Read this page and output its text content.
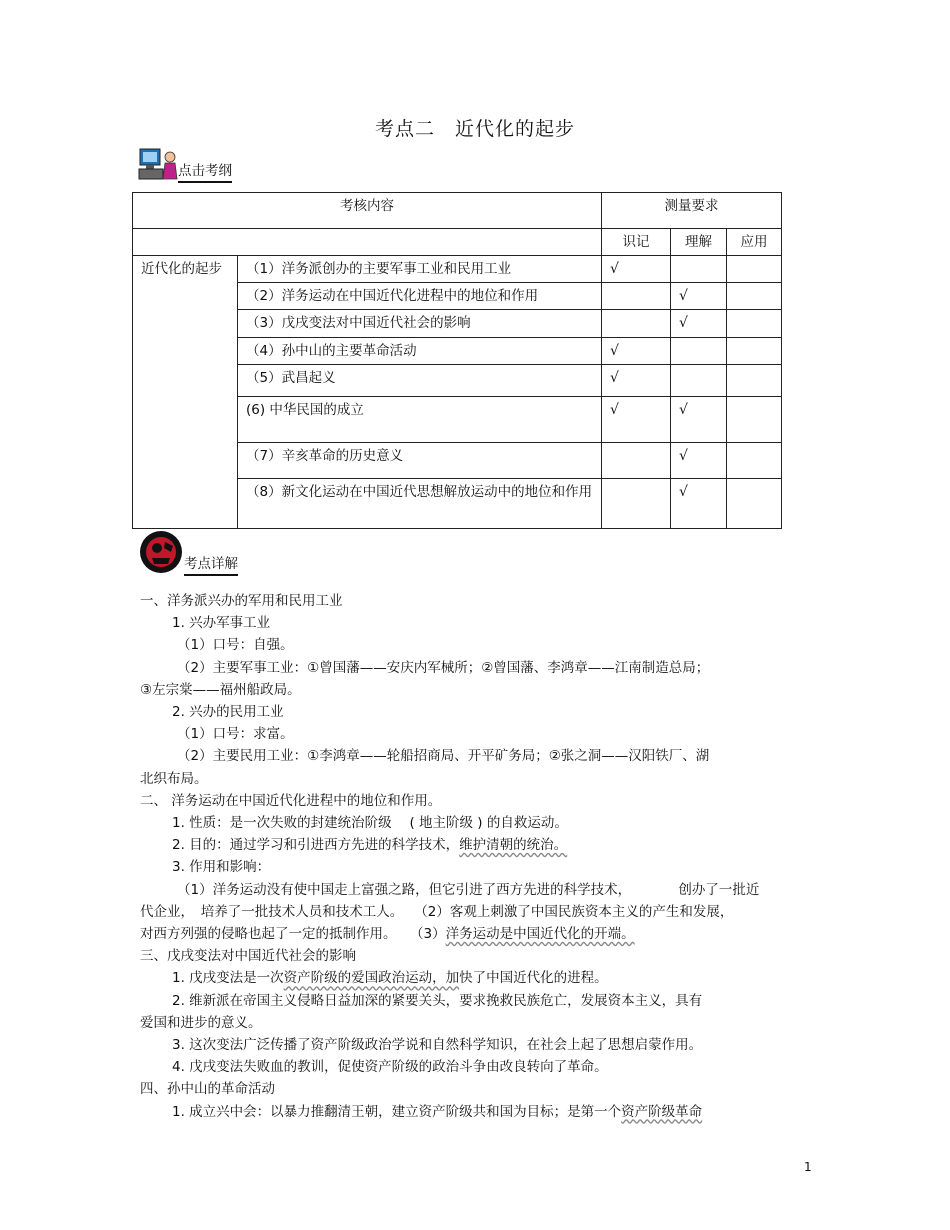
考点二　近代化的起步
点击考纲
考核内容		测量要求		
		识记	理解	应用
近代化的起步	（1）洋务派创办的主要军事工业和民用工业	√		
	（2）洋务运动在中国近代化进程中的地位和作用		√	
	（3）戊戌变法对中国近代社会的影响		√	
	（4）孙中山的主要革命活动	√		
	（5）武昌起义	√		
	(6) 中华民国的成立	√	√	
	（7）辛亥革命的历史意义		√	
	（8）新文化运动在中国近代思想解放运动中的地位和作用		√	
考点详解

一、洋务派兴办的军用和民用工业

1. 兴办军事工业

（1）口号：自强。

（2）主要军事工业：①曾国藩——安庆内军械所；②曾国藩、李鸿章——江南制造总局；

③左宗棠——福州船政局。

2. 兴办的民用工业

（1）口号：求富。

（2）主要民用工业：①李鸿章——轮船招商局、开平矿务局；②张之洞——汉阳铁厂、湖

北织布局。

二、 洋务运动在中国近代化进程中的地位和作用。

1. 性质：是一次失败的封建统治阶级　 ( 地主阶级 ) 的自救运动。

2. 目的：通过学习和引进西方先进的科学技术，维护清朝的统治。

3. 作用和影响：

（1）洋务运动没有使中国走上富强之路，但它引进了西方先进的科学技术，　　　　创办了一批近

代企业，　培养了一批技术人员和技术工人。　 （2）客观上刺激了中国民族资本主义的产生和发展，

对西方列强的侵略也起了一定的抵制作用。　　（3）洋务运动是中国近代化的开端。

三、戊戌变法对中国近代社会的影响

1. 戊戌变法是一次资产阶级的爱国政治运动，加快了中国近代化的进程。

2. 维新派在帝国主义侵略日益加深的紧要关头，要求挽救民族危亡，发展资本主义，具有

爱国和进步的意义。

3. 这次变法广泛传播了资产阶级政治学说和自然科学知识，在社会上起了思想启蒙作用。

4. 戊戌变法失败血的教训，促使资产阶级的政治斗争由改良转向了革命。

四、孙中山的革命活动

1. 成立兴中会：以暴力推翻清王朝，建立资产阶级共和国为目标；是第一个资产阶级革命

1
